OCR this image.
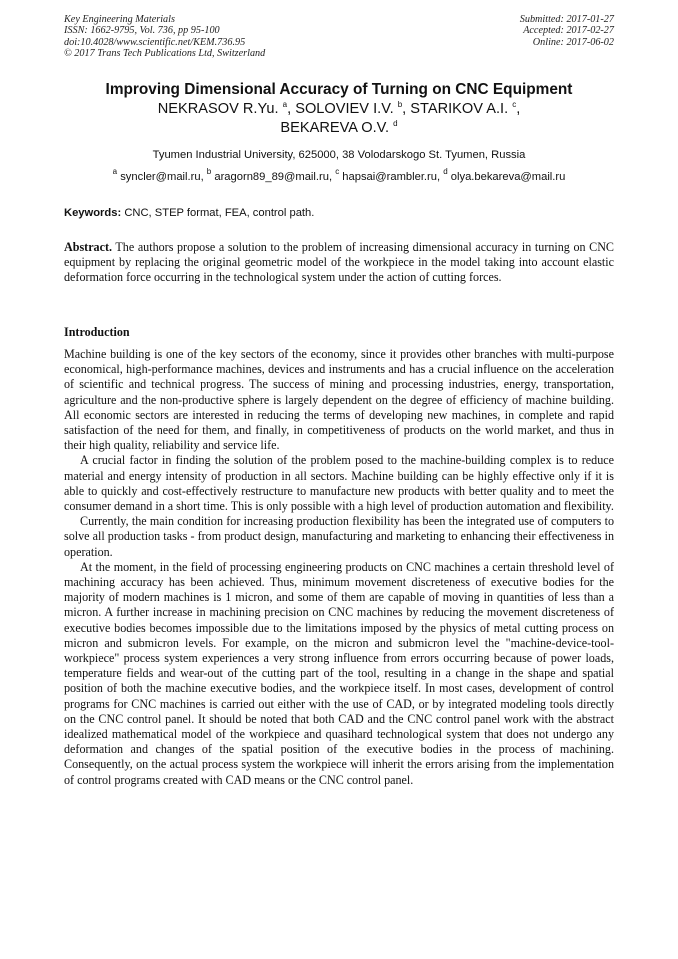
Key Engineering Materials
ISSN: 1662-9795, Vol. 736, pp 95-100
doi:10.4028/www.scientific.net/KEM.736.95
© 2017 Trans Tech Publications Ltd, Switzerland
Submitted: 2017-01-27
Accepted: 2017-02-27
Online: 2017-06-02
Improving Dimensional Accuracy of Turning on CNC Equipment
NEKRASOV R.Yu. $^a$, SOLOVIEV I.V. $^b$, STARIKOV A.I. $^c$,
BEKAREVA O.V. $^d$
Tyumen Industrial University, 625000, 38 Volodarskogo St. Tyumen, Russia
$^a$ syncler@mail.ru, $^b$ aragorn89_89@mail.ru, $^c$ hapsai@rambler.ru, $^d$ olya.bekareva@mail.ru
Keywords: CNC, STEP format, FEA, control path.
Abstract. The authors propose a solution to the problem of increasing dimensional accuracy in turning on CNC equipment by replacing the original geometric model of the workpiece in the model taking into account elastic deformation force occurring in the technological system under the action of cutting forces.
Introduction

Machine building is one of the key sectors of the economy, since it provides other branches with multi-purpose economical, high-performance machines, devices and instruments and has a crucial influence on the acceleration of scientific and technical progress. The success of mining and processing industries, energy, transportation, agriculture and the non-productive sphere is largely dependent on the degree of efficiency of machine building. All economic sectors are interested in reducing the terms of developing new machines, in complete and rapid satisfaction of the need for them, and finally, in competitiveness of products on the world market, and thus in their high quality, reliability and service life.

A crucial factor in finding the solution of the problem posed to the machine-building complex is to reduce material and energy intensity of production in all sectors. Machine building can be highly effective only if it is able to quickly and cost-effectively restructure to manufacture new products with better quality and to meet the consumer demand in a short time. This is only possible with a high level of production automation and flexibility.

Currently, the main condition for increasing production flexibility has been the integrated use of computers to solve all production tasks - from product design, manufacturing and marketing to enhancing their effectiveness in operation.

At the moment, in the field of processing engineering products on CNC machines a certain threshold level of machining accuracy has been achieved. Thus, minimum movement discreteness of executive bodies for the majority of modern machines is 1 micron, and some of them are capable of moving in quantities of less than a micron. A further increase in machining precision on CNC machines by reducing the movement discreteness of executive bodies becomes impossible due to the limitations imposed by the physics of metal cutting process on micron and submicron levels. For example, on the micron and submicron level the "machine-device-tool-workpiece" process system experiences a very strong influence from errors occurring because of power loads, temperature fields and wear-out of the cutting part of the tool, resulting in a change in the shape and spatial position of both the machine executive bodies, and the workpiece itself. In most cases, development of control programs for CNC machines is carried out either with the use of CAD, or by integrated modeling tools directly on the CNC control panel. It should be noted that both CAD and the CNC control panel work with the abstract idealized mathematical model of the workpiece and quasihard technological system that does not undergo any deformation and changes of the spatial position of the executive bodies in the process of machining. Consequently, on the actual process system the workpiece will inherit the errors arising from the implementation of control programs created with CAD means or the CNC control panel.
